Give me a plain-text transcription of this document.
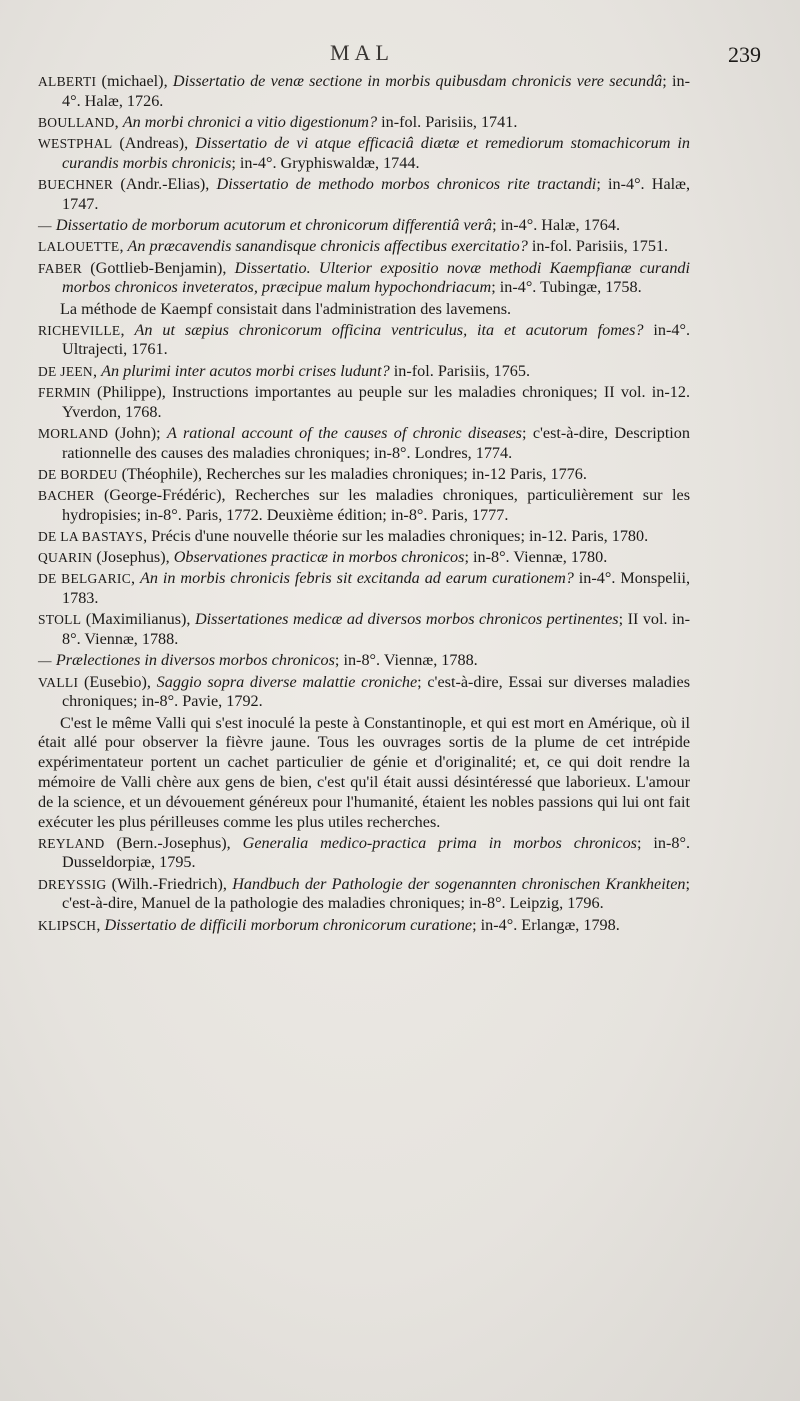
MAL	239

ALBERTI (michael), Dissertatio de venæ sectione in morbis quibusdam chronicis vere secundâ; in-4°. Halæ, 1726.

BOULLAND, An morbi chronici a vitio digestionum? in-fol. Parisiis, 1741.

WESTPHAL (Andreas), Dissertatio de vi atque efficaciâ diætæ et remediorum stomachicorum in curandis morbis chronicis; in-4°. Gryphiswaldæ, 1744.

BUECHNER (Andr.-Elias), Dissertatio de methodo morbos chronicos rite tractandi; in-4°. Halæ, 1747.

— Dissertatio de morborum acutorum et chronicorum differentiâ verâ; in-4°. Halæ, 1764.

LALOUETTE, An præcavendis sanandisque chronicis affectibus exercitatio? in-fol. Parisiis, 1751.

FABER (Gottlieb-Benjamin), Dissertatio. Ulterior expositio novæ methodi Kaempfianæ curandi morbos chronicos inveteratos, præcipue malum hypochondriacum; in-4°. Tubingæ, 1758.

La méthode de Kaempf consistait dans l'administration des lavemens.

RICHEVILLE, An ut sæpius chronicorum officina ventriculus, ita et acutorum fomes? in-4°. Ultrajecti, 1761.

DE JEEN, An plurimi inter acutos morbi crises ludunt? in-fol. Parisiis, 1765.

FERMIN (Philippe), Instructions importantes au peuple sur les maladies chroniques; II vol. in-12. Yverdon, 1768.

MORLAND (John); A rational account of the causes of chronic diseases; c'est-à-dire, Description rationnelle des causes des maladies chroniques; in-8°. Londres, 1774.

DE BORDEU (Théophile), Recherches sur les maladies chroniques; in-12 Paris, 1776.

BACHER (George-Frédéric), Recherches sur les maladies chroniques, particulièrement sur les hydropisies; in-8°. Paris, 1772. Deuxième édition; in-8°. Paris, 1777.

DE LA BASTAYS, Précis d'une nouvelle théorie sur les maladies chroniques; in-12. Paris, 1780.

QUARIN (Josephus), Observationes practicæ in morbos chronicos; in-8°. Viennæ, 1780.

DE BELGARIC, An in morbis chronicis febris sit excitanda ad earum curationem? in-4°. Monspelii, 1783.

STOLL (Maximilianus), Dissertationes medicæ ad diversos morbos chronicos pertinentes; II vol. in-8°. Viennæ, 1788.

— Prælectiones in diversos morbos chronicos; in-8°. Viennæ, 1788.

VALLI (Eusebio), Saggio sopra diverse malattie croniche; c'est-à-dire, Essai sur diverses maladies chroniques; in-8°. Pavie, 1792.

C'est le même Valli qui s'est inoculé la peste à Constantinople, et qui est mort en Amérique, où il était allé pour observer la fièvre jaune. Tous les ouvrages sortis de la plume de cet intrépide expérimentateur portent un cachet particulier de génie et d'originalité; et, ce qui doit rendre la mémoire de Valli chère aux gens de bien, c'est qu'il était aussi désintéressé que laborieux. L'amour de la science, et un dévouement généreux pour l'humanité, étaient les nobles passions qui lui ont fait exécuter les plus périlleuses comme les plus utiles recherches.

REYLAND (Bern.-Josephus), Generalia medico-practica prima in morbos chronicos; in-8°. Dusseldorpiæ, 1795.

DREYSSIG (Wilh.-Friedrich), Handbuch der Pathologie der sogenannten chronischen Krankheiten; c'est-à-dire, Manuel de la pathologie des maladies chroniques; in-8°. Leipzig, 1796.

KLIPSCH, Dissertatio de difficili morborum chronicorum curatione; in-4°. Erlangæ, 1798.
